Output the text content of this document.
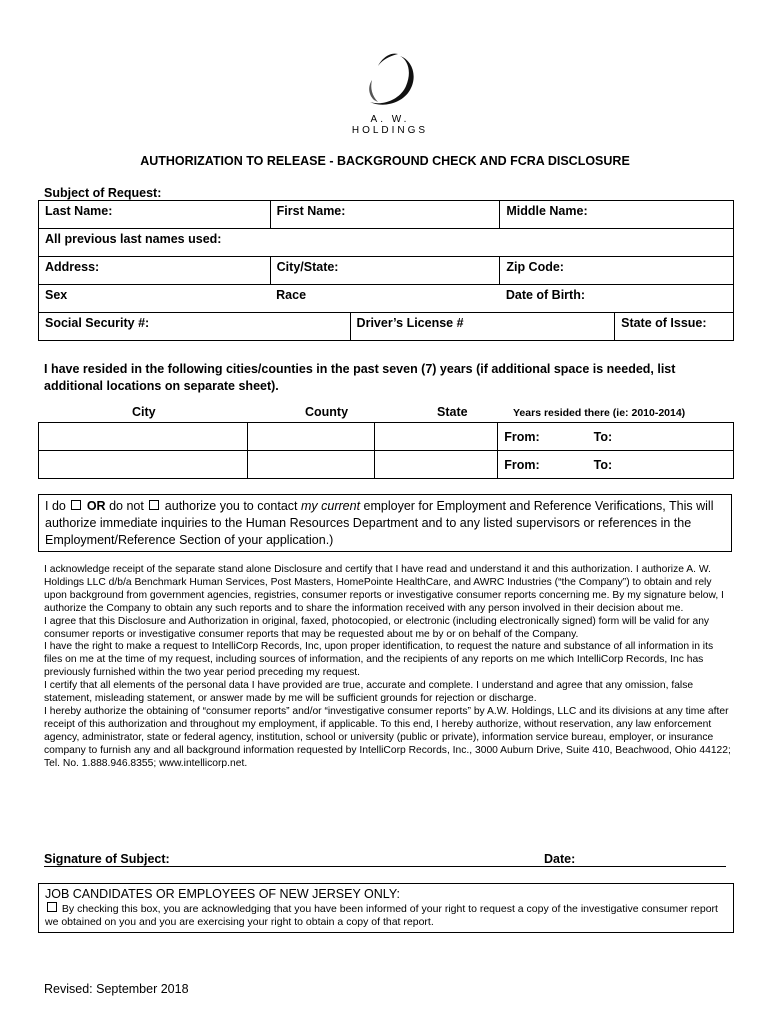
A. W. HOLDINGS
AUTHORIZATION TO RELEASE - BACKGROUND CHECK AND FCRA DISCLOSURE
Subject of Request:
Last Name:	First Name:		Middle Name:	
All previous last names used:				
Address:	City/State:		Zip Code:	
Sex	Race		Date of Birth:	
Social Security #:		Driver’s License #		State of Issue:
I have resided in the following cities/counties in the past seven (7) years (if additional space is needed, list additional locations on separate sheet).
City	County	State	Years resided there (ie: 2010-2014)
			From:	To:
			From:	To:
I do OR do not authorize you to contact my current employer for Employment and Reference Verifications, This will authorize immediate inquiries to the Human Resources Department and to any listed supervisors or references in the Employment/Reference Section of your application.)

I acknowledge receipt of the separate stand alone Disclosure and certify that I have read and understand it and this authorization. I authorize A. W. Holdings LLC d/b/a Benchmark Human Services, Post Masters, HomePointe HealthCare, and AWRC Industries (“the Company”) to obtain and rely upon background from government agencies, registries, consumer reports or investigative consumer reports concerning me. By my signature below, I authorize the Company to obtain any such reports and to share the information received with any person involved in their decision about me.

I agree that this Disclosure and Authorization in original, faxed, photocopied, or electronic (including electronically signed) form will be valid for any consumer reports or investigative consumer reports that may be requested about me by or on behalf of the Company.

I have the right to make a request to IntelliCorp Records, Inc, upon proper identification, to request the nature and substance of all information in its files on me at the time of my request, including sources of information, and the recipients of any reports on me which IntelliCorp Records, Inc has previously furnished within the two year period preceding my request.

I certify that all elements of the personal data I have provided are true, accurate and complete. I understand and agree that any omission, false statement, misleading statement, or answer made by me will be sufficient grounds for rejection or discharge.

I hereby authorize the obtaining of “consumer reports” and/or “investigative consumer reports” by A.W. Holdings, LLC and its divisions at any time after receipt of this authorization and throughout my employment, if applicable. To this end, I hereby authorize, without reservation, any law enforcement agency, administrator, state or federal agency, institution, school or university (public or private), information service bureau, employer, or insurance company to furnish any and all background information requested by IntelliCorp Records, Inc., 3000 Auburn Drive, Suite 410, Beachwood, Ohio 44122; Tel. No. 1.888.946.8355; www.intellicorp.net.

Signature of Subject:	Date:
JOB CANDIDATES OR EMPLOYEES OF NEW JERSEY ONLY:
By checking this box, you are acknowledging that you have been informed of your right to request a copy of the investigative consumer report we obtained on you and you are exercising your right to obtain a copy of that report.
Revised: September 2018
